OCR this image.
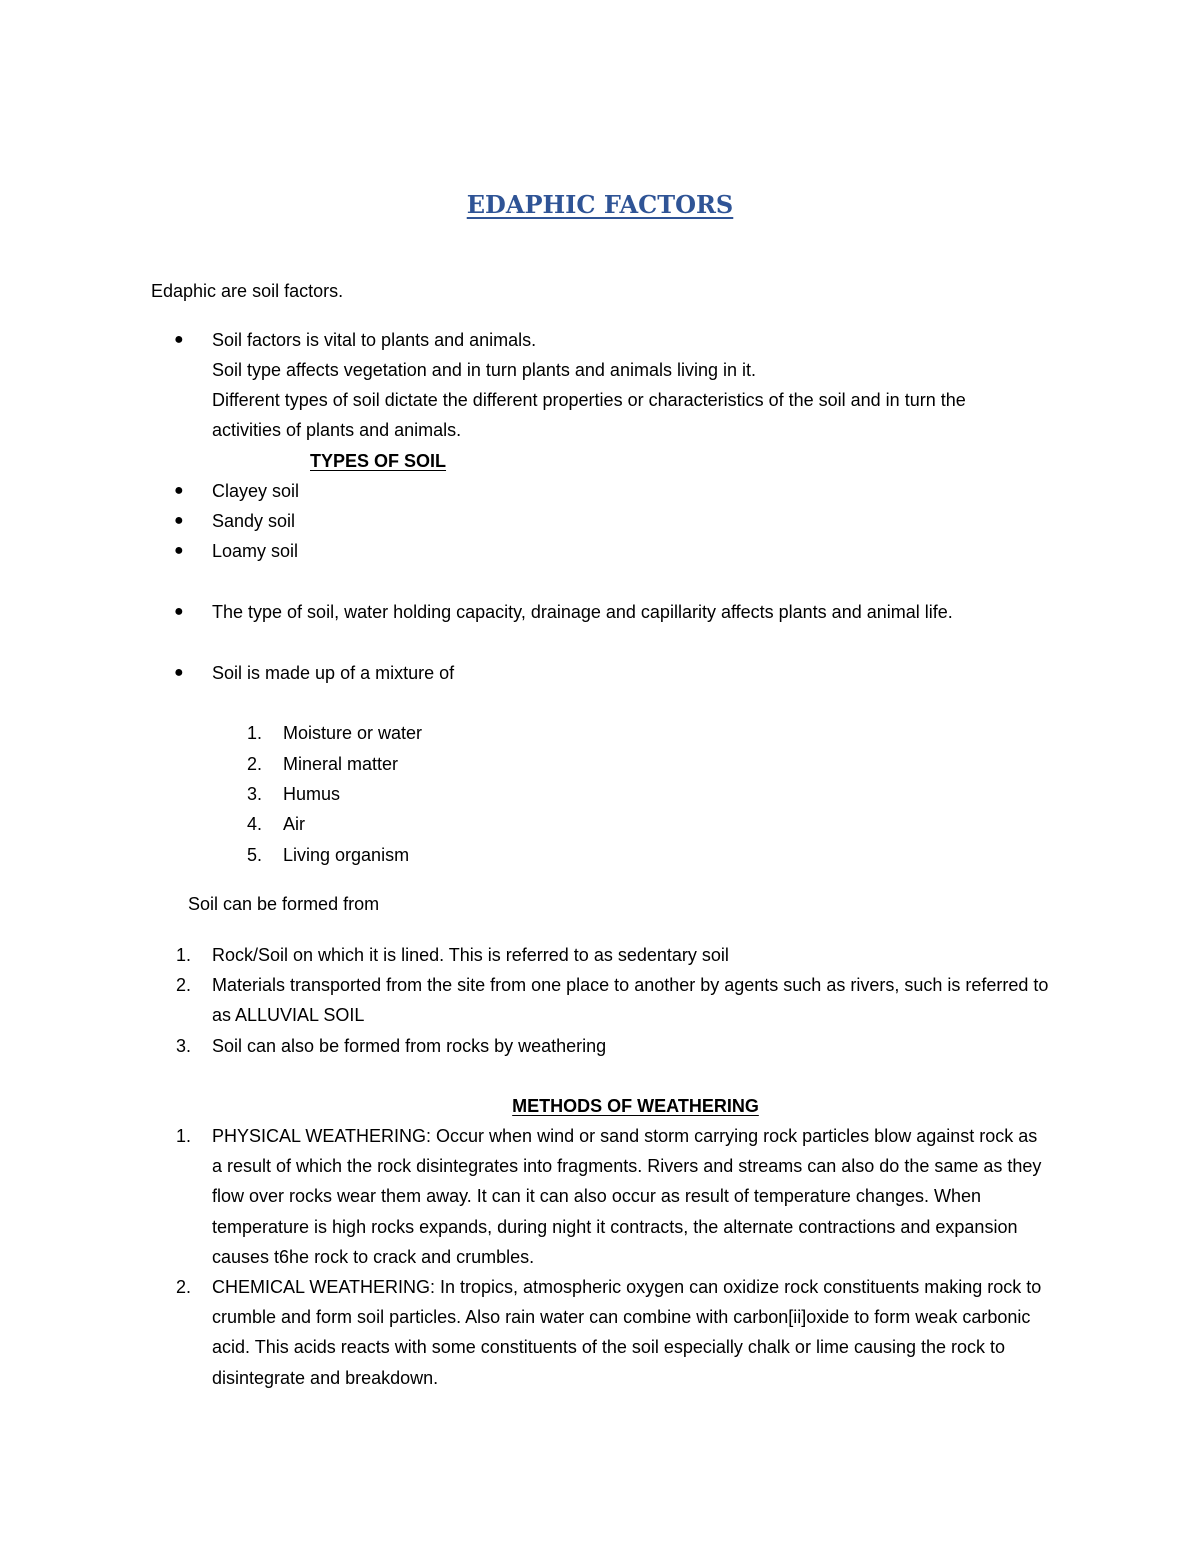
EDAPHIC FACTORS
Edaphic are soil factors.
● Soil factors is vital to plants and animals.
Soil type affects vegetation and in turn plants and animals living in it.
Different types of soil dictate the different properties or characteristics of the soil and in turn the
activities of plants and animals.
TYPES OF SOIL
● Clayey soil
● Sandy soil
● Loamy soil
● The type of soil, water holding capacity, drainage and capillarity affects plants and animal life.
● Soil is made up of a mixture of
1. Moisture or water
2. Mineral matter
3. Humus
4. Air
5. Living organism
Soil can be formed from
1. Rock/Soil on which it is lined. This is referred to as sedentary soil
2. Materials transported from the site from one place to another by agents such as rivers, such is referred to as ALLUVIAL SOIL
3. Soil can also be formed from rocks by weathering
METHODS OF WEATHERING
1. PHYSICAL WEATHERING: Occur when wind or sand storm carrying rock particles blow against rock as a result of which the rock disintegrates into fragments. Rivers and streams can also do the same as they flow over rocks wear them away. It can it can also occur as result of temperature changes. When temperature is high rocks expands, during night it contracts, the alternate contractions and expansion causes t6he rock to crack and crumbles.
2. CHEMICAL WEATHERING: In tropics, atmospheric oxygen can oxidize rock constituents making rock to crumble and form soil particles. Also rain water can combine with carbon[ii]oxide to form weak carbonic acid. This acids reacts with some constituents of the soil especially chalk or lime causing the rock to disintegrate and breakdown.
